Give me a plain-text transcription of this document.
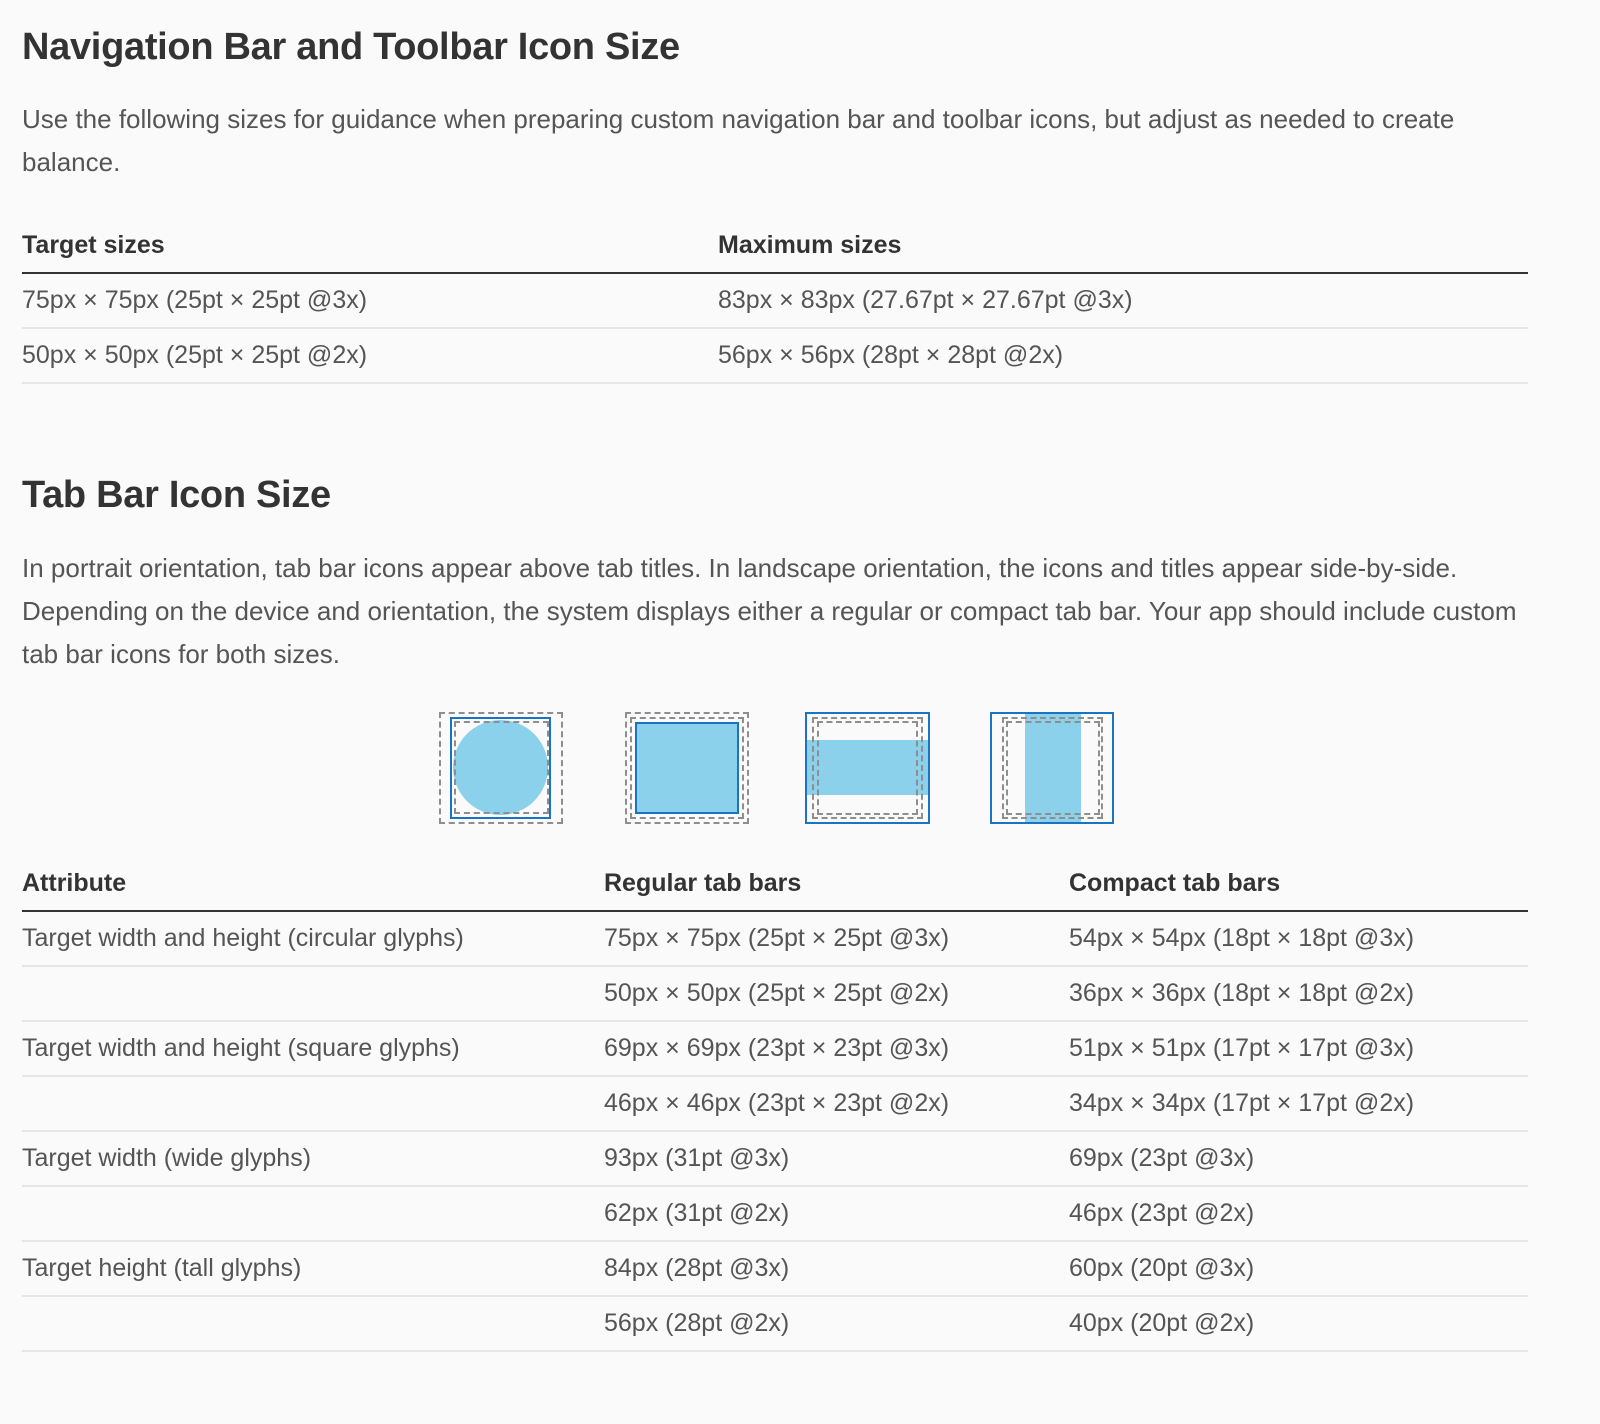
Navigation Bar and Toolbar Icon Size

Use the following sizes for guidance when preparing custom navigation bar and toolbar icons, but adjust as needed to create balance.

Target sizes	Maximum sizes
75px × 75px (25pt × 25pt @3x)	83px × 83px (27.67pt × 27.67pt @3x)
50px × 50px (25pt × 25pt @2x)	56px × 56px (28pt × 28pt @2x)
Tab Bar Icon Size

In portrait orientation, tab bar icons appear above tab titles. In landscape orientation, the icons and titles appear side-by-side. Depending on the device and orientation, the system displays either a regular or compact tab bar. Your app should include custom tab bar icons for both sizes.

Attribute	Regular tab bars	Compact tab bars
Target width and height (circular glyphs)	75px × 75px (25pt × 25pt @3x)	54px × 54px (18pt × 18pt @3x)
	50px × 50px (25pt × 25pt @2x)	36px × 36px (18pt × 18pt @2x)
Target width and height (square glyphs)	69px × 69px (23pt × 23pt @3x)	51px × 51px (17pt × 17pt @3x)
	46px × 46px (23pt × 23pt @2x)	34px × 34px (17pt × 17pt @2x)
Target width (wide glyphs)	93px (31pt @3x)	69px (23pt @3x)
	62px (31pt @2x)	46px (23pt @2x)
Target height (tall glyphs)	84px (28pt @3x)	60px (20pt @3x)
	56px (28pt @2x)	40px (20pt @2x)
